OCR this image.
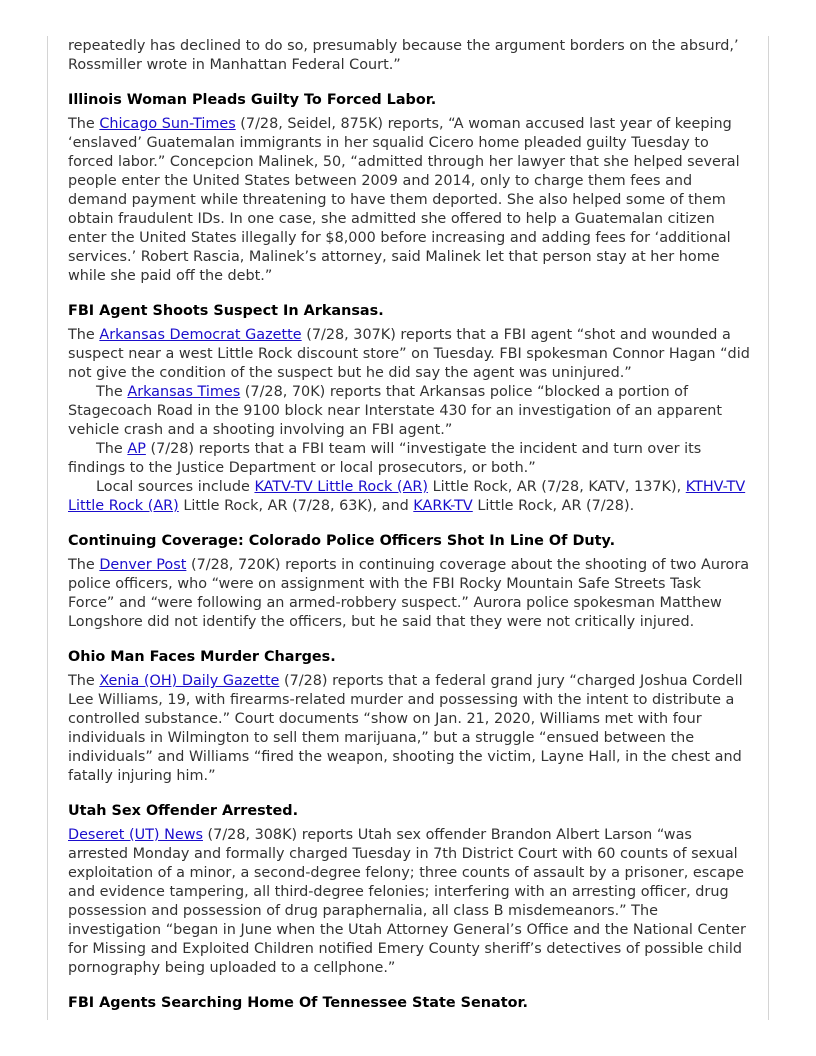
repeatedly has declined to do so, presumably because the argument borders on the absurd,’ Rossmiller wrote in Manhattan Federal Court.”

Illinois Woman Pleads Guilty To Forced Labor.

The Chicago Sun-Times (7/28, Seidel, 875K) reports, “A woman accused last year of keeping ‘enslaved’ Guatemalan immigrants in her squalid Cicero home pleaded guilty Tuesday to forced labor.” Concepcion Malinek, 50, “admitted through her lawyer that she helped several people enter the United States between 2009 and 2014, only to charge them fees and demand payment while threatening to have them deported. She also helped some of them obtain fraudulent IDs. In one case, she admitted she offered to help a Guatemalan citizen enter the United States illegally for $8,000 before increasing and adding fees for ‘additional services.’ Robert Rascia, Malinek’s attorney, said Malinek let that person stay at her home while she paid off the debt.”

FBI Agent Shoots Suspect In Arkansas.

The Arkansas Democrat Gazette (7/28, 307K) reports that a FBI agent “shot and wounded a suspect near a west Little Rock discount store” on Tuesday. FBI spokesman Connor Hagan “did not give the condition of the suspect but he did say the agent was uninjured.”

The Arkansas Times (7/28, 70K) reports that Arkansas police “blocked a portion of Stagecoach Road in the 9100 block near Interstate 430 for an investigation of an apparent vehicle crash and a shooting involving an FBI agent.”

The AP (7/28) reports that a FBI team will “investigate the incident and turn over its findings to the Justice Department or local prosecutors, or both.”

Local sources include KATV-TV Little Rock (AR) Little Rock, AR (7/28, KATV, 137K), KTHV-TV Little Rock (AR) Little Rock, AR (7/28, 63K), and KARK-TV Little Rock, AR (7/28).

Continuing Coverage: Colorado Police Officers Shot In Line Of Duty.

The Denver Post (7/28, 720K) reports in continuing coverage about the shooting of two Aurora police officers, who “were on assignment with the FBI Rocky Mountain Safe Streets Task Force” and “were following an armed-robbery suspect.” Aurora police spokesman Matthew Longshore did not identify the officers, but he said that they were not critically injured.

Ohio Man Faces Murder Charges.

The Xenia (OH) Daily Gazette (7/28) reports that a federal grand jury “charged Joshua Cordell Lee Williams, 19, with firearms-related murder and possessing with the intent to distribute a controlled substance.” Court documents “show on Jan. 21, 2020, Williams met with four individuals in Wilmington to sell them marijuana,” but a struggle “ensued between the individuals” and Williams “fired the weapon, shooting the victim, Layne Hall, in the chest and fatally injuring him.”

Utah Sex Offender Arrested.

Deseret (UT) News (7/28, 308K) reports Utah sex offender Brandon Albert Larson “was arrested Monday and formally charged Tuesday in 7th District Court with 60 counts of sexual exploitation of a minor, a second-degree felony; three counts of assault by a prisoner, escape and evidence tampering, all third-degree felonies; interfering with an arresting officer, drug possession and possession of drug paraphernalia, all class B misdemeanors.” The investigation “began in June when the Utah Attorney General’s Office and the National Center for Missing and Exploited Children notified Emery County sheriff’s detectives of possible child pornography being uploaded to a cellphone.”

FBI Agents Searching Home Of Tennessee State Senator.
